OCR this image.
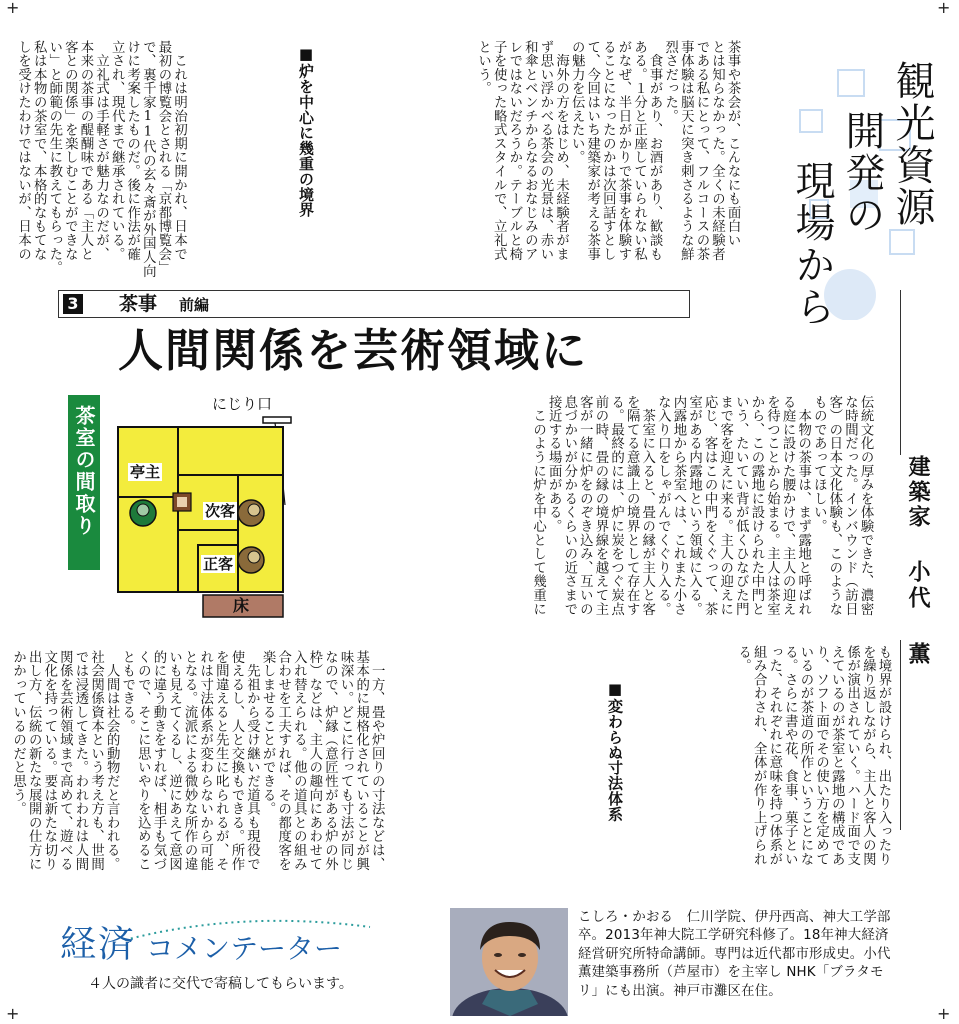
+	+
+	+
観光資源
開発の
現場から
建築家
小代 薫
茶事や茶会が、こんなにも面白い
とは知らなかった。全くの未経験者
である私にとって、フルコースの茶
事体験は脳天に突き刺さるような鮮
烈さだった。
　食事があり、お酒があり、歓談も
ある。１分と正座していられない私
がなぜ、半日がかりで茶事を体験す
ることになったのかは次回話すとし
て、今回はいち建築家が考える茶事
の魅力を伝えたい。
　海外の方をはじめ、未経験者がま
ず思い浮かべる茶会の光景は、赤い
和傘とベンチからなるおなじみのア
レではないだろうか。テーブルと椅
子を使った略式スタイルで、立礼式
という。
■炉を中心に幾重の境界
　これは明治初期に開かれ、日本で
最初の博覧会とされる「京都博覧会」
で、裏千家11代の玄々斎が外国人向
けに考案したものだ。後に作法が確
立され、現代まで継承されている。
　立礼式は手軽さが魅力なのだが、
本来の茶事の醍醐味である「主人と
客との関係」を楽しむことができな
い」と師範の先生に教えてもらった。
私は本物の茶室で、本格的なもてな
しを受けたわけではないが、日本の
3 茶事 前編
人間関係を芸術領域に
茶室の間取り
にじり口
亭主
次客
正客
床	伝統文化の厚みを体験できた、濃密
な時間だった。インバウンド（訪日
客）の日本文化体験も、このような
ものであってほしい。
　本物の茶事は、まず露地と呼ばれ
る庭に設けた腰かけで、主人の迎え
を待つことから始まる。主人は茶室
から、この露地に設けられた中門と
いう、たいてい背が低くひなびた門
まで客を迎えに来る。主人の迎えに
応じ、客はこの中門をくぐって、茶
室がある内露地という領域に入る。
内露地から茶室へは、これまた小さ
な入り口をしゃがんでくぐり入る。
　茶室に入ると、畳の縁が主人と客
を隔てる意識上の境界として存在す
る。最終的には、炉に炭をつぐ炭点
前の時、畳の縁の境界線を越えて主
客が一緒に炉をのぞき込み、互いの
息づかいが分かるくらいの近さまで
接近する場面がある。
　このように炉を中心として幾重に
も境界が設けられ、出たり入ったり
を繰り返しながら、主人と客人の関
係が演出されていく。ハード面で支
えているのが茶室と露地の構成であ
り、ソフト面でその使い方を定めて
いるのが茶道の所作ということにな
る。さらに書や花、食事、菓子とい
った、それぞれに意味を持つ体系が
組み合わされ、全体が作り上げられ
る。
■変わらぬ寸法体系
　一方、畳や炉回りの寸法などは、
基本的に規格化されていることが興
味深い。どこに行っても寸法が同じ
なので、炉縁（意匠性がある炉の外
枠）などは、主人の趣向にあわせて
入れ替えられる。他の道具との組み
合わせを工夫すれば、その都度客を
楽しませることができる。
　先祖から受け継いだ道具も現役で
使えるし、人と交換もできる。所作
を間違えると先生に叱られるが、そ
れは寸法体系が変わらないから可能
となる。流派による微妙な所作の違
いも見えてくるし、逆にあえて意図
的に違う動きをすれば、相手も気づ
くので、そこに思いやりを込めるこ
ともできる。
　人間は社会的動物だと言われる。
社会関係資本という考え方も、世間
では浸透してきた。われわれは人間
関係を芸術領域まで高めて、遊べる
文化を持っている。要は新たな切り
出し方、伝統の新たな展開の仕方に
かかっているのだと思う。
経済 コメンテーター
４人の識者に交代で寄稿してもらいます。
こしろ・かおる　仁川学院、伊丹西高、神大工学部卒。2013年神大院工学研究科修了。18年神大経済経営研究所特命講師。専門は近代都市形成史。小代薫建築事務所（芦屋市）を主宰し NHK「ブラタモリ」にも出演。神戸市灘区在住。
